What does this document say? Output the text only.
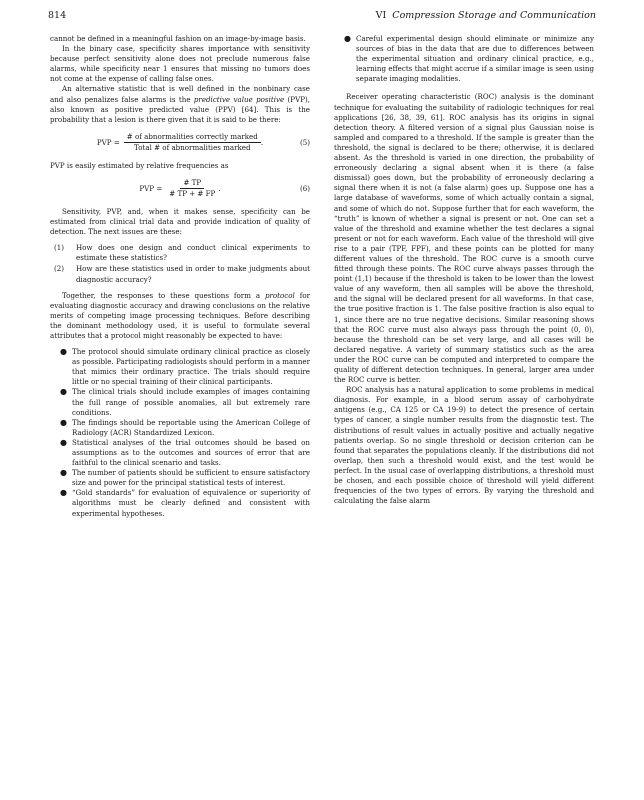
814	VI Compression Storage and Communication

cannot be defined in a meaningful fashion on an image-by-image basis.

In the binary case, specificity shares importance with sensitivity because perfect sensitivity alone does not preclude numerous false alarms, while specificity near 1 ensures that missing no tumors does not come at the expense of calling false ones.

An alternative statistic that is well defined in the nonbinary case and also penalizes false alarms is the predictive value positive (PVP), also known as positive predicted value (PPV) [64]. This is the probability that a lesion is there given that it is said to be there:

PVP = $\frac{\text{\# of abnormalities correctly marked}}{\text{Total \# of abnormalities marked}}$ .	(5)

PVP is easily estimated by relative frequencies as

PVP = $\frac{\# TP}{\# TP + \# FP}$ .	(6)

Sensitivity, PVP, and, when it makes sense, specificity can be estimated from clinical trial data and provide indication of quality of detection. The next issues are these:

(1)	How does one design and conduct clinical experiments to estimate these statistics?
(2)	How are these statistics used in order to make judgments about diagnostic accuracy?

Together, the responses to these questions form a protocol for evaluating diagnostic accuracy and drawing conclusions on the relative merits of competing image processing techniques. Before describing the dominant methodology used, it is useful to formulate several attributes that a protocol might reasonably be expected to have:

● The protocol should simulate ordinary clinical practice as closely as possible. Participating radiologists should perform in a manner that mimics their ordinary practice. The trials should require little or no special training of their clinical participants.
● The clinical trials should include examples of images containing the full range of possible anomalies, all but extremely rare conditions.
● The findings should be reportable using the American College of Radiology (ACR) Standardized Lexicon.
● Statistical analyses of the trial outcomes should be based on assumptions as to the outcomes and sources of error that are faithful to the clinical scenario and tasks.
● The number of patients should be sufficient to ensure satisfactory size and power for the principal statistical tests of interest.
● “Gold standards” for evaluation of equivalence or superiority of algorithms must be clearly defined and consistent with experimental hypotheses.
● Careful experimental design should eliminate or minimize any sources of bias in the data that are due to differences between the experimental situation and ordinary clinical practice, e.g., learning effects that might accrue if a similar image is seen using separate imaging modalities.

Receiver operating characteristic (ROC) analysis is the dominant technique for evaluating the suitability of radiologic techniques for real applications [26, 38, 39, 61]. ROC analysis has its origins in signal detection theory. A filtered version of a signal plus Gaussian noise is sampled and compared to a threshold. If the sample is greater than the threshold, the signal is declared to be there; otherwise, it is declared absent. As the threshold is varied in one direction, the probability of erroneously declaring a signal absent when it is there (a false dismissal) goes down, but the probability of erroneously declaring a signal there when it is not (a false alarm) goes up. Suppose one has a large database of waveforms, some of which actually contain a signal, and some of which do not. Suppose further that for each waveform, the “truth” is known of whether a signal is present or not. One can set a value of the threshold and examine whether the test declares a signal present or not for each waveform. Each value of the threshold will give rise to a pair (TPF, FPF), and these points can be plotted for many different values of the threshold. The ROC curve is a smooth curve fitted through these points. The ROC curve always passes through the point (1,1) because if the threshold is taken to be lower than the lowest value of any waveform, then all samples will be above the threshold, and the signal will be declared present for all waveforms. In that case, the true positive fraction is 1. The false positive fraction is also equal to 1, since there are no true negative decisions. Similar reasoning shows that the ROC curve must also always pass through the point (0, 0), because the threshold can be set very large, and all cases will be declared negative. A variety of summary statistics such as the area under the ROC curve can be computed and interpreted to compare the quality of different detection techniques. In general, larger area under the ROC curve is better.

ROC analysis has a natural application to some problems in medical diagnosis. For example, in a blood serum assay of carbohydrate antigens (e.g., CA 125 or CA 19-9) to detect the presence of certain types of cancer, a single number results from the diagnostic test. The distributions of result values in actually positive and actually negative patients overlap. So no single threshold or decision criterion can be found that separates the populations cleanly. If the distributions did not overlap, then such a threshold would exist, and the test would be perfect. In the usual case of overlapping distributions, a threshold must be chosen, and each possible choice of threshold will yield different frequencies of the two types of errors. By varying the threshold and calculating the false alarm
